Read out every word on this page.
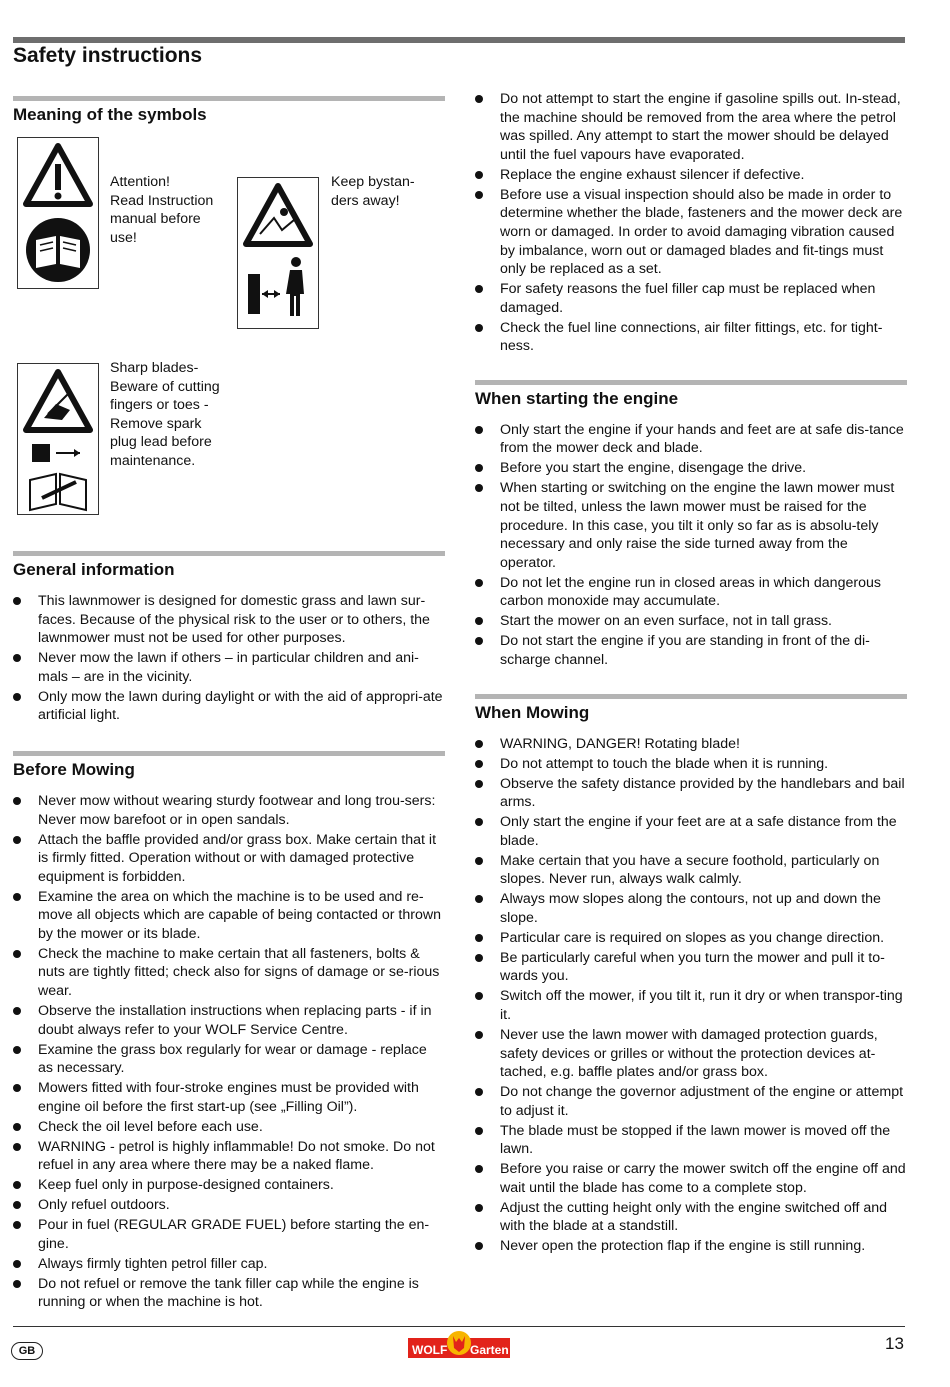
Safety instructions
Meaning of the symbols
Attention!
Read Instruction
manual before
use!
Keep bystan-
ders away!
Sharp blades-
Beware of cutting
fingers or toes -
Remove spark
plug lead before
maintenance.
General information
This lawnmower is designed for domestic grass and lawn sur-faces. Because of the physical risk to the user or to others, the lawnmower must not be used for other purposes.
Never mow the lawn if others – in particular children and ani-mals – are in the vicinity.
Only mow the lawn during daylight or with the aid of appropri-ate artificial light.
Before Mowing
Never mow without wearing sturdy footwear and long trou-sers: Never mow barefoot or in open sandals.
Attach the baffle provided and/or grass box. Make certain that it is firmly fitted. Operation without or with damaged protective equipment is forbidden.
Examine the area on which the machine is to be used and re-move all objects which are capable of being contacted or thrown by the mower or its blade.
Check the machine to make certain that all fasteners, bolts & nuts are tightly fitted; check also for signs of damage or se-rious wear.
Observe the installation instructions when replacing parts - if in doubt always refer to your WOLF Service Centre.
Examine the grass box regularly for wear or damage - replace as necessary.
Mowers fitted with four-stroke engines must be provided with engine oil before the first start-up (see „Filling Oil”).
Check the oil level before each use.
WARNING - petrol is highly inflammable! Do not smoke. Do not refuel in any area where there may be a naked flame.
Keep fuel only in purpose-designed containers.
Only refuel outdoors.
Pour in fuel (REGULAR GRADE FUEL) before starting the en-gine.
Always firmly tighten petrol filler cap.
Do not refuel or remove the tank filler cap while the engine is running or when the machine is hot.
Do not attempt to start the engine if gasoline spills out. In-stead, the machine should be removed from the area where the petrol was spilled. Any attempt to start the mower should be delayed until the fuel vapours have evaporated.
Replace the engine exhaust silencer if defective.
Before use a visual inspection should also be made in order to determine whether the blade, fasteners and the mower deck are worn or damaged. In order to avoid damaging vibration caused by imbalance, worn out or damaged blades and fit-tings must only be replaced as a set.
For safety reasons the fuel filler cap must be replaced when damaged.
Check the fuel line connections, air filter fittings, etc. for tight-ness.
When starting the engine
Only start the engine if your hands and feet are at safe dis-tance from the mower deck and blade.
Before you start the engine, disengage the drive.
When starting or switching on the engine the lawn mower must not be tilted, unless the lawn mower must be raised for the procedure. In this case, you tilt it only so far as is absolu-tely necessary and only raise the side turned away from the operator.
Do not let the engine run in closed areas in which dangerous carbon monoxide may accumulate.
Start the mower on an even surface, not in tall grass.
Do not start the engine if you are standing in front of the di-scharge channel.
When Mowing
WARNING, DANGER! Rotating blade!
Do not attempt to touch the blade when it is running.
Observe the safety distance provided by the handlebars and bail arms.
Only start the engine if your feet are at a safe distance from the blade.
Make certain that you have a secure foothold, particularly on slopes. Never run, always walk calmly.
Always mow slopes along the contours, not up and down the slope.
Particular care is required on slopes as you change direction.
Be particularly careful when you turn the mower and pull it to-wards you.
Switch off the mower, if you tilt it, run it dry or when transpor-ting it.
Never use the lawn mower with damaged protection guards, safety devices or grilles or without the protection devices at-tached, e.g. baffle plates and/or grass box.
Do not change the governor adjustment of the engine or attempt to adjust it.
The blade must be stopped if the lawn mower is moved off the lawn.
Before you raise or carry the mower switch off the engine off and wait until the blade has come to a complete stop.
Adjust the cutting height only with the engine switched off and with the blade at a standstill.
Never open the protection flap if the engine is still running.
GB	WOLF Garten	13
